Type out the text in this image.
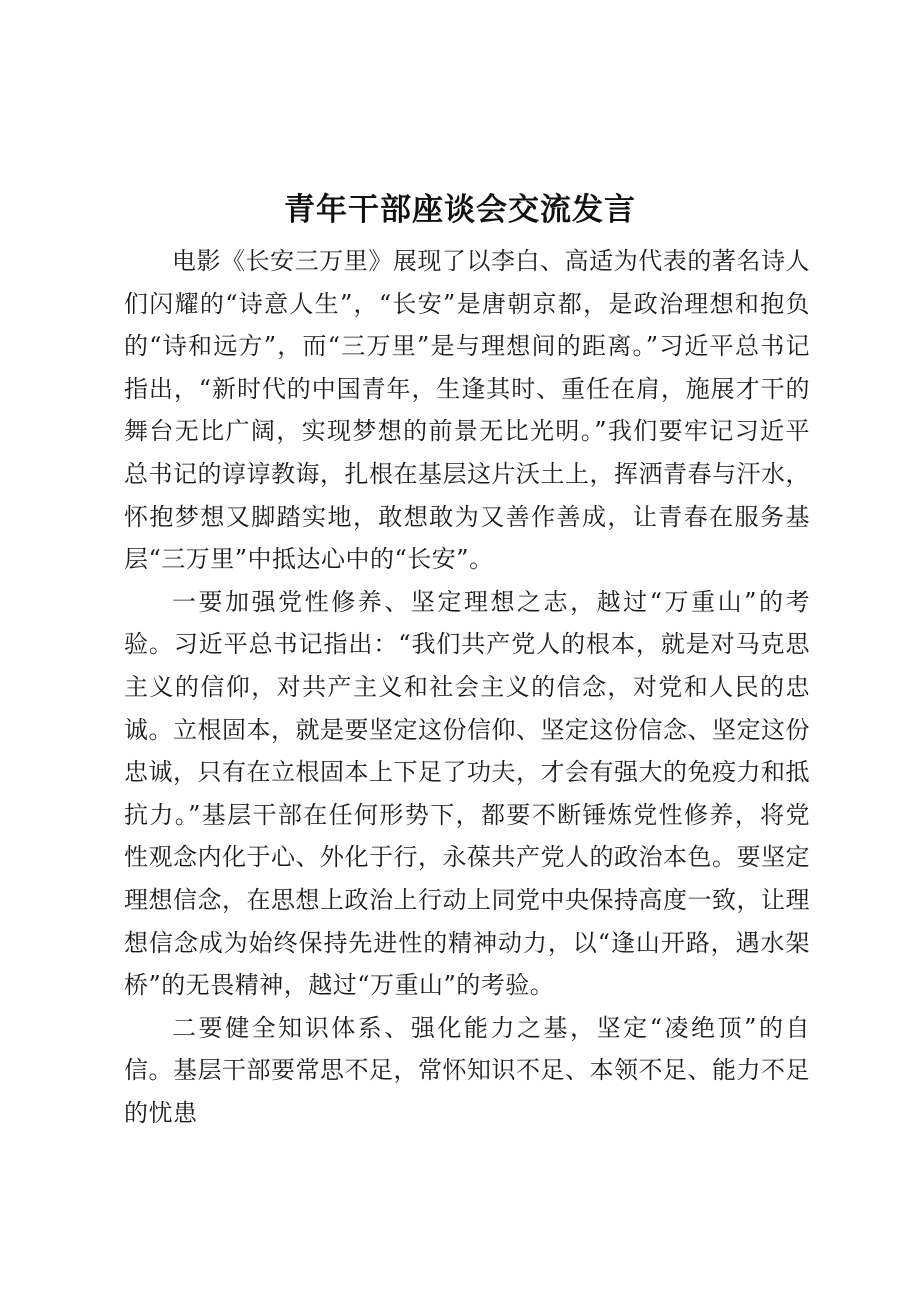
青年干部座谈会交流发言

电影《长安三万里》展现了以李白、高适为代表的著名诗人们闪耀的“诗意人生”，“长安”是唐朝京都，是政治理想和抱负的“诗和远方”，而“三万里”是与理想间的距离。”习近平总书记指出，“新时代的中国青年，生逢其时、重任在肩，施展才干的舞台无比广阔，实现梦想的前景无比光明。”我们要牢记习近平总书记的谆谆教诲，扎根在基层这片沃土上，挥洒青春与汗水，怀抱梦想又脚踏实地，敢想敢为又善作善成，让青春在服务基层“三万里”中抵达心中的“长安”。

一要加强党性修养、坚定理想之志，越过“万重山”的考验。习近平总书记指出：“我们共产党人的根本，就是对马克思主义的信仰，对共产主义和社会主义的信念，对党和人民的忠诚。立根固本，就是要坚定这份信仰、坚定这份信念、坚定这份忠诚，只有在立根固本上下足了功夫，才会有强大的免疫力和抵抗力。”基层干部在任何形势下，都要不断锤炼党性修养，将党性观念内化于心、外化于行，永葆共产党人的政治本色。要坚定理想信念，在思想上政治上行动上同党中央保持高度一致，让理想信念成为始终保持先进性的精神动力，以“逢山开路，遇水架桥”的无畏精神，越过“万重山”的考验。

二要健全知识体系、强化能力之基，坚定“凌绝顶”的自信。基层干部要常思不足，常怀知识不足、本领不足、能力不足的忧患
